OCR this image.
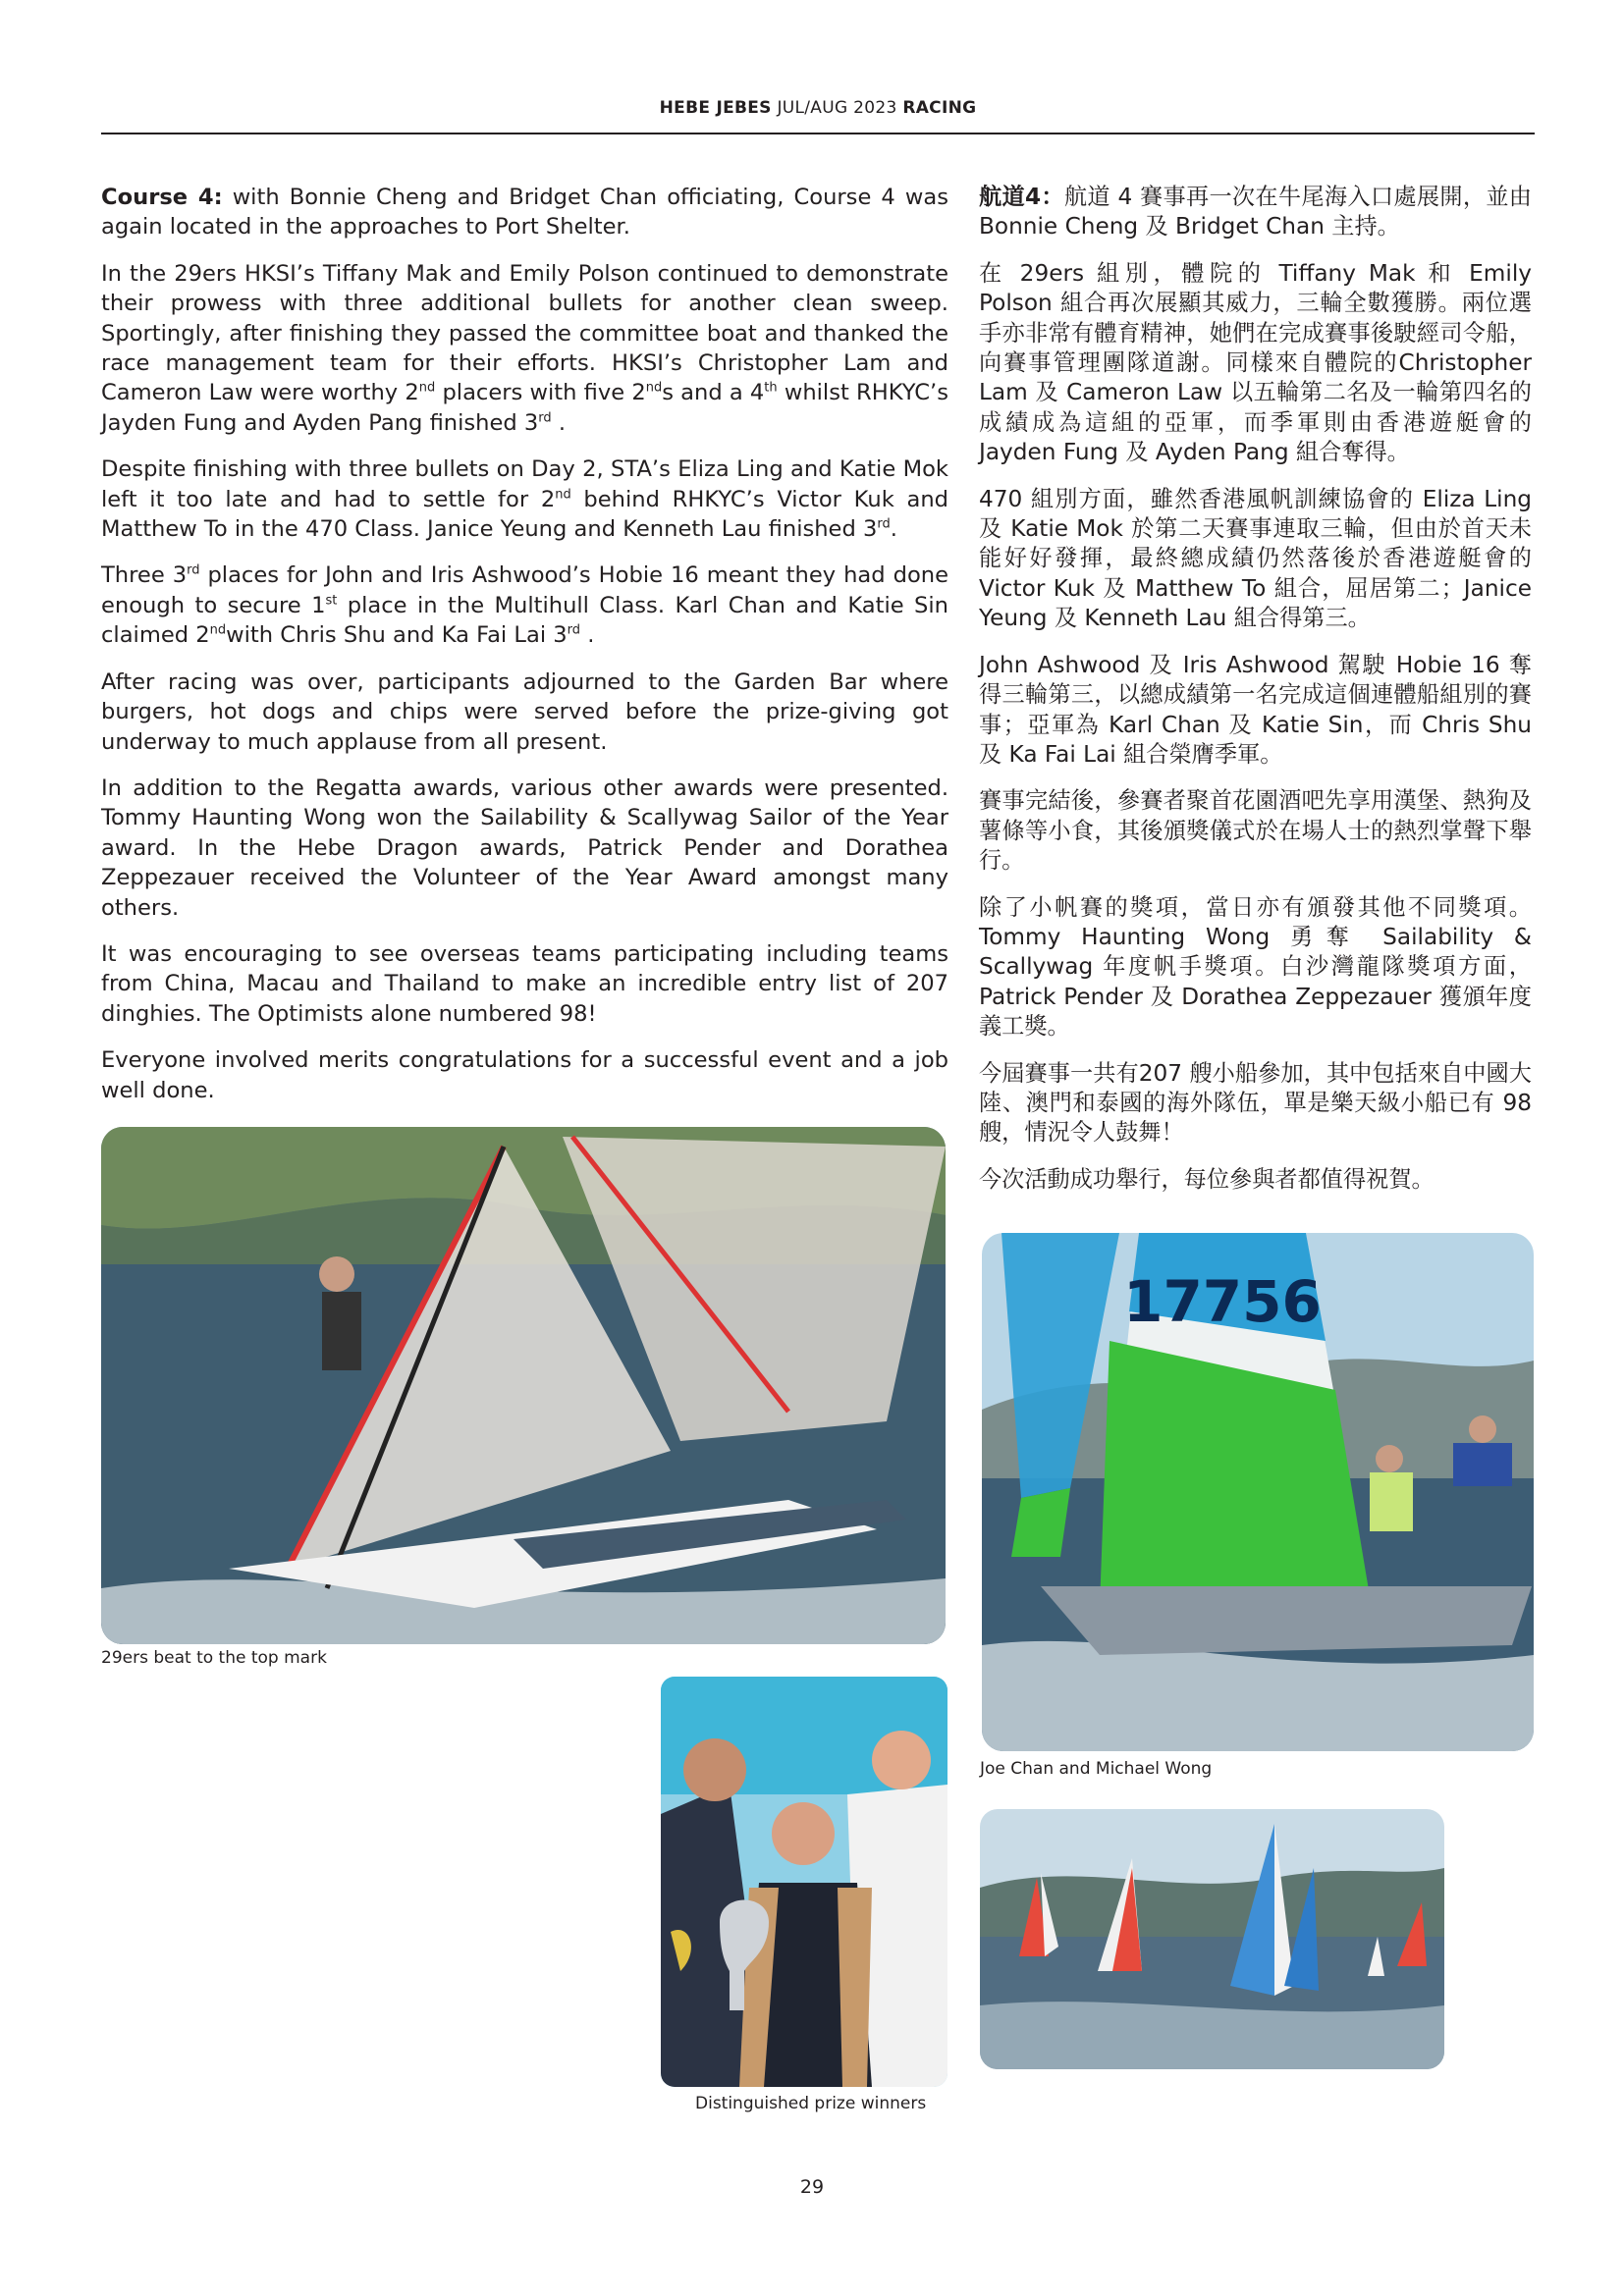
HEBE JEBES JUL/AUG 2023 RACING

Course 4: with Bonnie Cheng and Bridget Chan officiating, Course 4 was again located in the approaches to Port Shelter.

In the 29ers HKSI’s Tiffany Mak and Emily Polson continued to demonstrate their prowess with three additional bullets for another clean sweep. Sportingly, after finishing they passed the committee boat and thanked the race management team for their efforts. HKSI’s Christopher Lam and Cameron Law were worthy 2nd placers with five 2nds and a 4th whilst RHKYC’s Jayden Fung and Ayden Pang finished 3rd .

Despite finishing with three bullets on Day 2, STA’s Eliza Ling and Katie Mok left it too late and had to settle for 2nd behind RHKYC’s Victor Kuk and Matthew To in the 470 Class. Janice Yeung and Kenneth Lau finished 3rd.

Three 3rd places for John and Iris Ashwood’s Hobie 16 meant they had done enough to secure 1st place in the Multihull Class. Karl Chan and Katie Sin claimed 2ndwith Chris Shu and Ka Fai Lai 3rd .

After racing was over, participants adjourned to the Garden Bar where burgers, hot dogs and chips were served before the prize-giving got underway to much applause from all present.

In addition to the Regatta awards, various other awards were presented. Tommy Haunting Wong won the Sailability & Scallywag Sailor of the Year award. In the Hebe Dragon awards, Patrick Pender and Dorathea Zeppezauer received the Volunteer of the Year Award amongst many others.

It was encouraging to see overseas teams participating including teams from China, Macau and Thailand to make an incredible entry list of 207 dinghies. The Optimists alone numbered 98!

Everyone involved merits congratulations for a successful event and a job well done.

航道4：航道 4 賽事再一次在牛尾海入口處展開，並由 Bonnie Cheng 及 Bridget Chan 主持。

在 29ers 組別，體院的 Tiffany Mak 和 Emily Polson 組合再次展顯其威力，三輪全數獲勝。兩位選手亦非常有體育精神，她們在完成賽事後駛經司令船，向賽事管理團隊道謝。同樣來自體院的Christopher Lam 及 Cameron Law 以五輪第二名及一輪第四名的成績成為這組的亞軍，而季軍則由香港遊艇會的 Jayden Fung 及 Ayden Pang 組合奪得。

470 組別方面，雖然香港風帆訓練協會的 Eliza Ling 及 Katie Mok 於第二天賽事連取三輪，但由於首天未能好好發揮，最終總成績仍然落後於香港遊艇會的 Victor Kuk 及 Matthew To 組合，屈居第二；Janice Yeung 及 Kenneth Lau 組合得第三。

John Ashwood 及 Iris Ashwood 駕駛 Hobie 16 奪得三輪第三，以總成績第一名完成這個連體船組別的賽事；亞軍為 Karl Chan 及 Katie Sin，而 Chris Shu 及 Ka Fai Lai 組合榮膺季軍。

賽事完結後，參賽者聚首花園酒吧先享用漢堡、熱狗及薯條等小食，其後頒獎儀式於在場人士的熱烈掌聲下舉行。

除了小帆賽的獎項，當日亦有頒發其他不同獎項。Tommy Haunting Wong 勇奪 Sailability & Scallywag 年度帆手獎項。白沙灣龍隊獎項方面，Patrick Pender 及 Dorathea Zeppezauer 獲頒年度義工獎。

今屆賽事一共有207 艘小船參加，其中包括來自中國大陸、澳門和泰國的海外隊伍，單是樂天級小船已有 98 艘，情況令人鼓舞！

今次活動成功舉行，每位參與者都值得祝賀。

29ers beat to the top mark
17756
Joe Chan and Michael Wong
Distinguished prize winners
29
